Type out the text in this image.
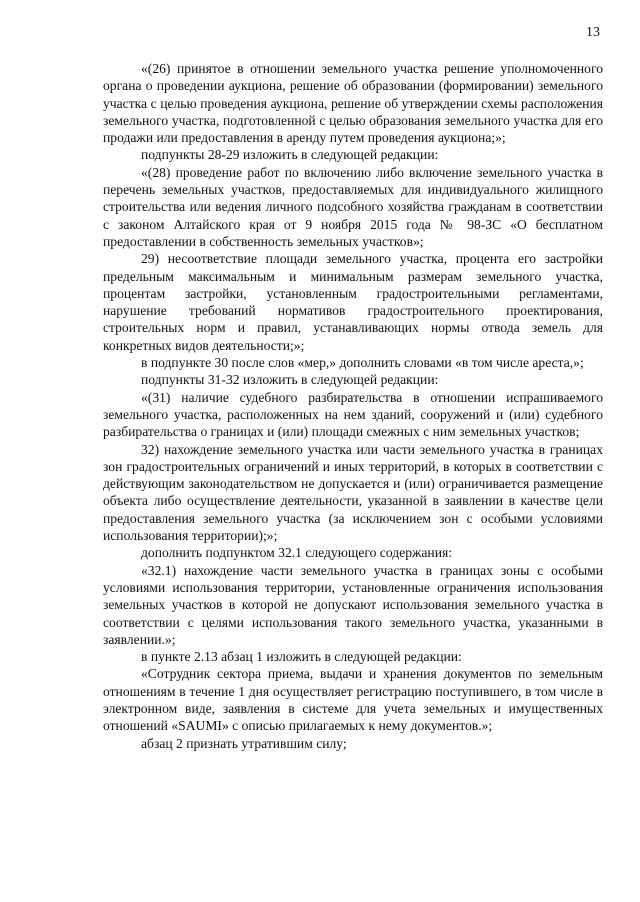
13

«(26) принятое в отношении земельного участка решение уполномоченного органа о проведении аукциона, решение об образовании (формировании) земельного участка с целью проведения аукциона, решение об утверждении схемы расположения земельного участка, подготовленной с целью образования земельного участка для его продажи или предоставления в аренду путем проведения аукциона;»;

подпункты 28-29 изложить в следующей редакции:

«(28) проведение работ по включению либо включение земельного участка в перечень земельных участков, предоставляемых для индивидуального жилищного строительства или ведения личного подсобного хозяйства гражданам в соответствии с законом Алтайского края от 9 ноября 2015 года № 98-ЗС «О бесплатном предоставлении в собственность земельных участков»;

29) несоответствие площади земельного участка, процента его застройки предельным максимальным и минимальным размерам земельного участка, процентам застройки, установленным градостроительными регламентами, нарушение требований нормативов градостроительного проектирования, строительных норм и правил, устанавливающих нормы отвода земель для конкретных видов деятельности;»;

в подпункте 30 после слов «мер,» дополнить словами «в том числе ареста,»;

подпункты 31-32 изложить в следующей редакции:

«(31) наличие судебного разбирательства в отношении испрашиваемого земельного участка, расположенных на нем зданий, сооружений и (или) судебного разбирательства о границах и (или) площади смежных с ним земельных участков;

32) нахождение земельного участка или части земельного участка в границах зон градостроительных ограничений и иных территорий, в которых в соответствии с действующим законодательством не допускается и (или) ограничивается размещение объекта либо осуществление деятельности, указанной в заявлении в качестве цели предоставления земельного участка (за исключением зон с особыми условиями использования территории);»;

дополнить подпунктом 32.1 следующего содержания:

«32.1) нахождение части земельного участка в границах зоны с особыми условиями использования территории, установленные ограничения использования земельных участков в которой не допускают использования земельного участка в соответствии с целями использования такого земельного участка, указанными в заявлении.»;

в пункте 2.13 абзац 1 изложить в следующей редакции:

«Сотрудник сектора приема, выдачи и хранения документов по земельным отношениям в течение 1 дня осуществляет регистрацию поступившего, в том числе в электронном виде, заявления в системе для учета земельных и имущественных отношений «SAUMI» с описью прилагаемых к нему документов.»;

абзац 2 признать утратившим силу;
